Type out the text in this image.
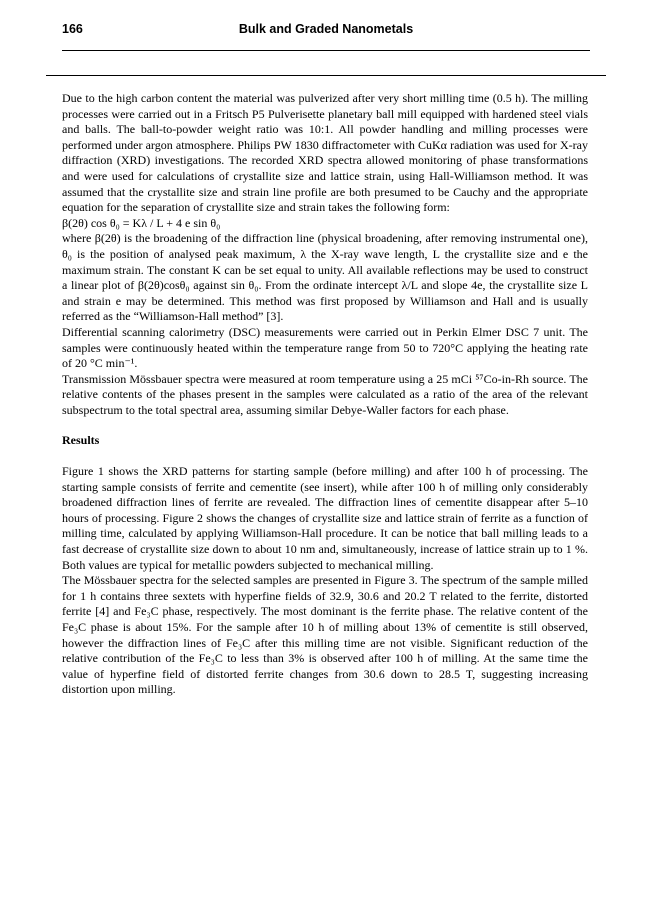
166	Bulk and Graded Nanometals

Due to the high carbon content the material was pulverized after very short milling time (0.5 h). The milling processes were carried out in a Fritsch P5 Pulverisette planetary ball mill equipped with hardened steel vials and balls. The ball-to-powder weight ratio was 10:1. All powder handling and milling processes were performed under argon atmosphere. Philips PW 1830 diffractometer with CuKα radiation was used for X-ray diffraction (XRD) investigations. The recorded XRD spectra allowed monitoring of phase transformations and were used for calculations of crystallite size and lattice strain, using Hall-Williamson method. It was assumed that the crystallite size and strain line profile are both presumed to be Cauchy and the appropriate equation for the separation of crystallite size and strain takes the following form:

β(2θ) cos θ₀ = Kλ / L + 4 e sin θ₀

where β(2θ) is the broadening of the diffraction line (physical broadening, after removing instrumental one), θ₀ is the position of analysed peak maximum, λ the X-ray wave length, L the crystallite size and e the maximum strain. The constant K can be set equal to unity. All available reflections may be used to construct a linear plot of β(2θ)cosθ₀ against sin θ₀. From the ordinate intercept λ/L and slope 4e, the crystallite size L and strain e may be determined. This method was first proposed by Williamson and Hall and is usually referred as the “Williamson-Hall method” [3].

Differential scanning calorimetry (DSC) measurements were carried out in Perkin Elmer DSC 7 unit. The samples were continuously heated within the temperature range from 50 to 720°C applying the heating rate of 20 °C min⁻¹.

Transmission Mössbauer spectra were measured at room temperature using a 25 mCi ⁵⁷Co-in-Rh source. The relative contents of the phases present in the samples were calculated as a ratio of the area of the relevant subspectrum to the total spectral area, assuming similar Debye-Waller factors for each phase.

Results

Figure 1 shows the XRD patterns for starting sample (before milling) and after 100 h of processing. The starting sample consists of ferrite and cementite (see insert), while after 100 h of milling only considerably broadened diffraction lines of ferrite are revealed. The diffraction lines of cementite disappear after 5–10 hours of processing. Figure 2 shows the changes of crystallite size and lattice strain of ferrite as a function of milling time, calculated by applying Williamson-Hall procedure. It can be notice that ball milling leads to a fast decrease of crystallite size down to about 10 nm and, simultaneously, increase of lattice strain up to 1 %. Both values are typical for metallic powders subjected to mechanical milling.

The Mössbauer spectra for the selected samples are presented in Figure 3. The spectrum of the sample milled for 1 h contains three sextets with hyperfine fields of 32.9, 30.6 and 20.2 T related to the ferrite, distorted ferrite [4] and Fe₃C phase, respectively. The most dominant is the ferrite phase. The relative content of the Fe₃C phase is about 15%. For the sample after 10 h of milling about 13% of cementite is still observed, however the diffraction lines of Fe₃C after this milling time are not visible. Significant reduction of the relative contribution of the Fe₃C to less than 3% is observed after 100 h of milling. At the same time the value of hyperfine field of distorted ferrite changes from 30.6 down to 28.5 T, suggesting increasing distortion upon milling.
